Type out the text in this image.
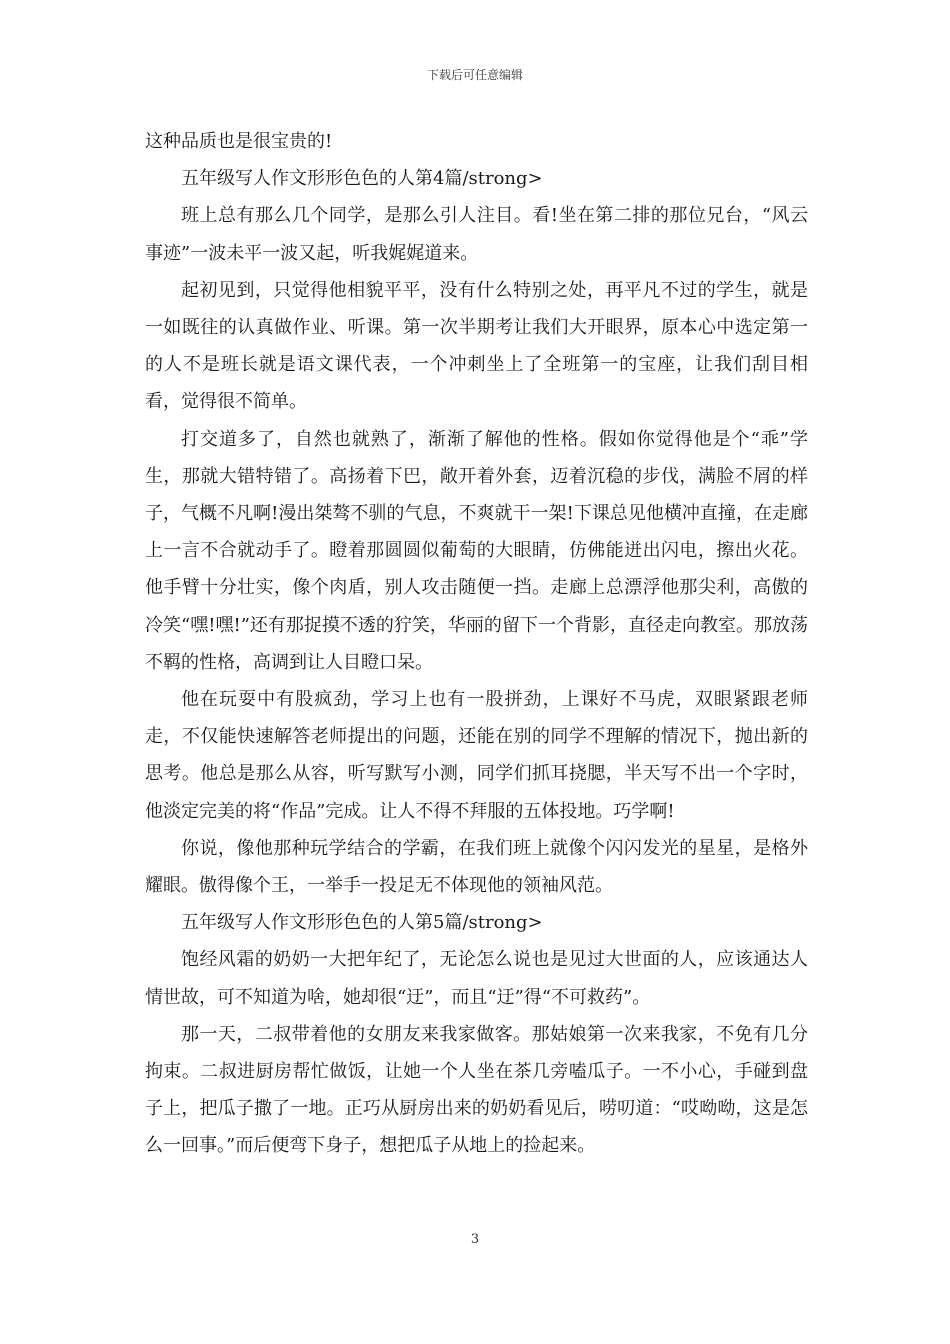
下载后可任意编辑

这种品质也是很宝贵的!

五年级写人作文形形色色的人第4篇/strong>

班上总有那么几个同学，是那么引人注目。看!坐在第二排的那位兄台，“风云事迹”一波未平一波又起，听我娓娓道来。

起初见到，只觉得他相貌平平，没有什么特别之处，再平凡不过的学生，就是一如既往的认真做作业、听课。第一次半期考让我们大开眼界，原本心中选定第一的人不是班长就是语文课代表，一个冲刺坐上了全班第一的宝座，让我们刮目相看，觉得很不简单。

打交道多了，自然也就熟了，渐渐了解他的性格。假如你觉得他是个“乖”学生，那就大错特错了。高扬着下巴，敞开着外套，迈着沉稳的步伐，满脸不屑的样子，气概不凡啊!漫出桀骜不驯的气息，不爽就干一架!下课总见他横冲直撞，在走廊上一言不合就动手了。瞪着那圆圆似葡萄的大眼睛，仿佛能迸出闪电，擦出火花。他手臂十分壮实，像个肉盾，别人攻击随便一挡。走廊上总漂浮他那尖利，高傲的冷笑“嘿!嘿!”还有那捉摸不透的狞笑，华丽的留下一个背影，直径走向教室。那放荡不羁的性格，高调到让人目瞪口呆。

他在玩耍中有股疯劲，学习上也有一股拼劲，上课好不马虎，双眼紧跟老师走，不仅能快速解答老师提出的问题，还能在别的同学不理解的情况下，抛出新的思考。他总是那么从容，听写默写小测，同学们抓耳挠腮，半天写不出一个字时，他淡定完美的将“作品”完成。让人不得不拜服的五体投地。巧学啊!

你说，像他那种玩学结合的学霸，在我们班上就像个闪闪发光的星星，是格外耀眼。傲得像个王，一举手一投足无不体现他的领袖风范。

五年级写人作文形形色色的人第5篇/strong>

饱经风霜的奶奶一大把年纪了，无论怎么说也是见过大世面的人，应该通达人情世故，可不知道为啥，她却很“迂”，而且“迂”得“不可救药”。

那一天，二叔带着他的女朋友来我家做客。那姑娘第一次来我家，不免有几分拘束。二叔进厨房帮忙做饭，让她一个人坐在茶几旁嗑瓜子。一不小心，手碰到盘子上，把瓜子撒了一地。正巧从厨房出来的奶奶看见后，唠叨道：“哎呦呦，这是怎么一回事。”而后便弯下身子，想把瓜子从地上的捡起来。

3
